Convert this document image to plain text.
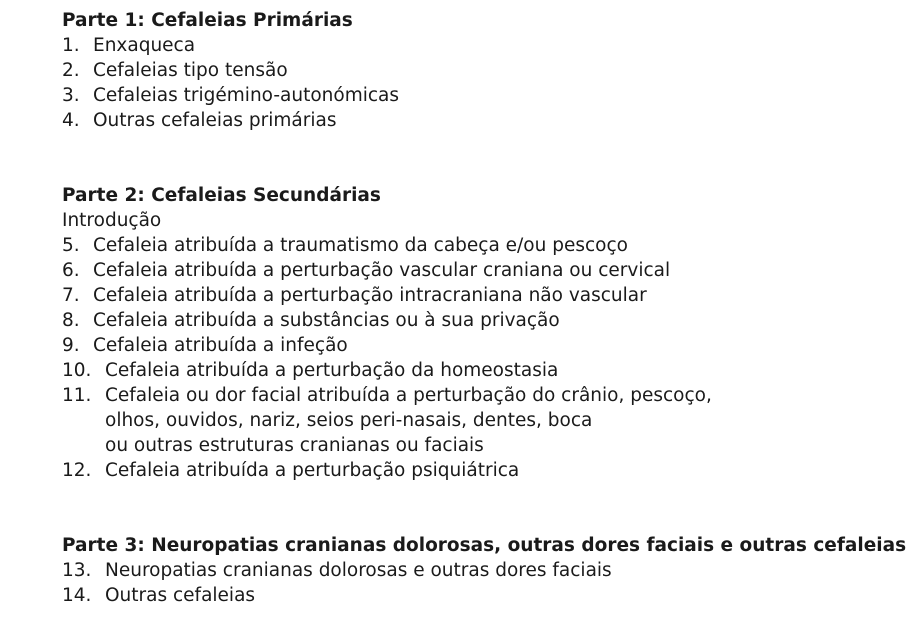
Parte 1: Cefaleias Primárias
1. Enxaqueca
2. Cefaleias tipo tensão
3. Cefaleias trigémino-autonómicas
4. Outras cefaleias primárias
Parte 2: Cefaleias Secundárias

Introdução

5. Cefaleia atribuída a traumatismo da cabeça e/ou pescoço
6. Cefaleia atribuída a perturbação vascular craniana ou cervical
7. Cefaleia atribuída a perturbação intracraniana não vascular
8. Cefaleia atribuída a substâncias ou à sua privação
9. Cefaleia atribuída a infeção
10. Cefaleia atribuída a perturbação da homeostasia
11. Cefaleia ou dor facial atribuída a perturbação do crânio, pescoço,
olhos, ouvidos, nariz, seios peri-nasais, dentes, boca
ou outras estruturas cranianas ou faciais
12. Cefaleia atribuída a perturbação psiquiátrica
Parte 3: Neuropatias cranianas dolorosas, outras dores faciais e outras cefaleias
13. Neuropatias cranianas dolorosas e outras dores faciais
14. Outras cefaleias
